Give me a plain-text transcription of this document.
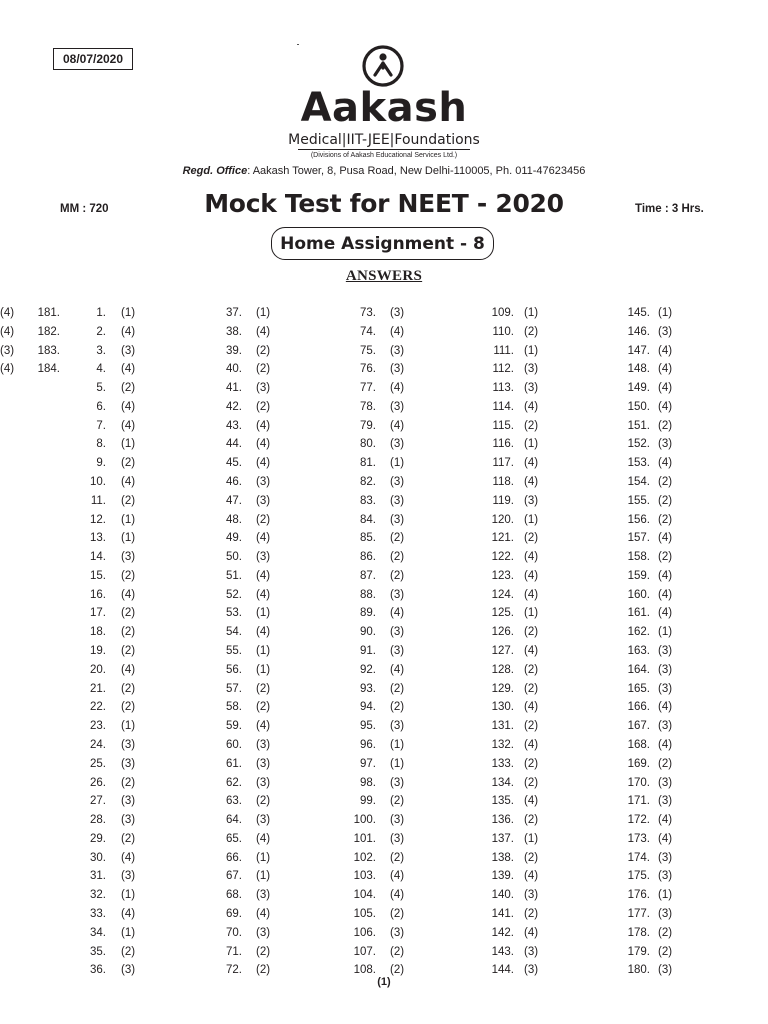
08/07/2020
Aakash
Medical|IIT-JEE|Foundations
(Divisions of Aakash Educational Services Ltd.)
Regd. Office: Aakash Tower, 8, Pusa Road, New Delhi-110005, Ph. 011-47623456
MM : 720	Mock Test for NEET - 2020	Time : 3 Hrs.
Home Assignment - 8
ANSWERS
1. (1)
2. (4)
3. (3)
4. (4)
5. (2)
6. (4)
7. (4)
8. (1)
9. (2)
10. (4)
11. (2)
12. (1)
13. (1)
14. (3)
15. (2)
16. (4)
17. (2)
18. (2)
19. (2)
20. (4)
21. (2)
22. (2)
23. (1)
24. (3)
25. (3)
26. (2)
27. (3)
28. (3)
29. (2)
30. (4)
31. (3)
32. (1)
33. (4)
34. (1)
35. (2)
36. (3)
37. (1)
38. (4)
39. (2)
40. (2)
41. (3)
42. (2)
43. (4)
44. (4)
45. (4)
46. (3)
47. (3)
48. (2)
49. (4)
50. (3)
51. (4)
52. (4)
53. (1)
54. (4)
55. (1)
56. (1)
57. (2)
58. (2)
59. (4)
60. (3)
61. (3)
62. (3)
63. (2)
64. (3)
65. (4)
66. (1)
67. (1)
68. (3)
69. (4)
70. (3)
71. (2)
72. (2)
73. (3)
74. (4)
75. (3)
76. (3)
77. (4)
78. (3)
79. (4)
80. (3)
81. (1)
82. (3)
83. (3)
84. (3)
85. (2)
86. (2)
87. (2)
88. (3)
89. (4)
90. (3)
91. (3)
92. (4)
93. (2)
94. (2)
95. (3)
96. (1)
97. (1)
98. (3)
99. (2)
100. (3)
101. (3)
102. (2)
103. (4)
104. (4)
105. (2)
106. (3)
107. (2)
108. (2)
109. (1)
110. (2)
111. (1)
112. (3)
113. (3)
114. (4)
115. (2)
116. (1)
117. (4)
118. (4)
119. (3)
120. (1)
121. (2)
122. (4)
123. (4)
124. (4)
125. (1)
126. (2)
127. (4)
128. (2)
129. (2)
130. (4)
131. (2)
132. (4)
133. (2)
134. (2)
135. (4)
136. (2)
137. (1)
138. (2)
139. (4)
140. (3)
141. (2)
142. (4)
143. (3)
144. (3)
145. (1)
146. (3)
147. (4)
148. (4)
149. (4)
150. (4)
151. (2)
152. (3)
153. (4)
154. (2)
155. (2)
156. (2)
157. (4)
158. (2)
159. (4)
160. (4)
161. (4)
162. (1)
163. (3)
164. (3)
165. (3)
166. (4)
167. (3)
168. (4)
169. (2)
170. (3)
171. (3)
172. (4)
173. (4)
174. (3)
175. (3)
176. (1)
177. (3)
178. (2)
179. (2)
180. (3)
181.
(4)
182.
(4)
183.
(3)
184.
(4)
(1)
